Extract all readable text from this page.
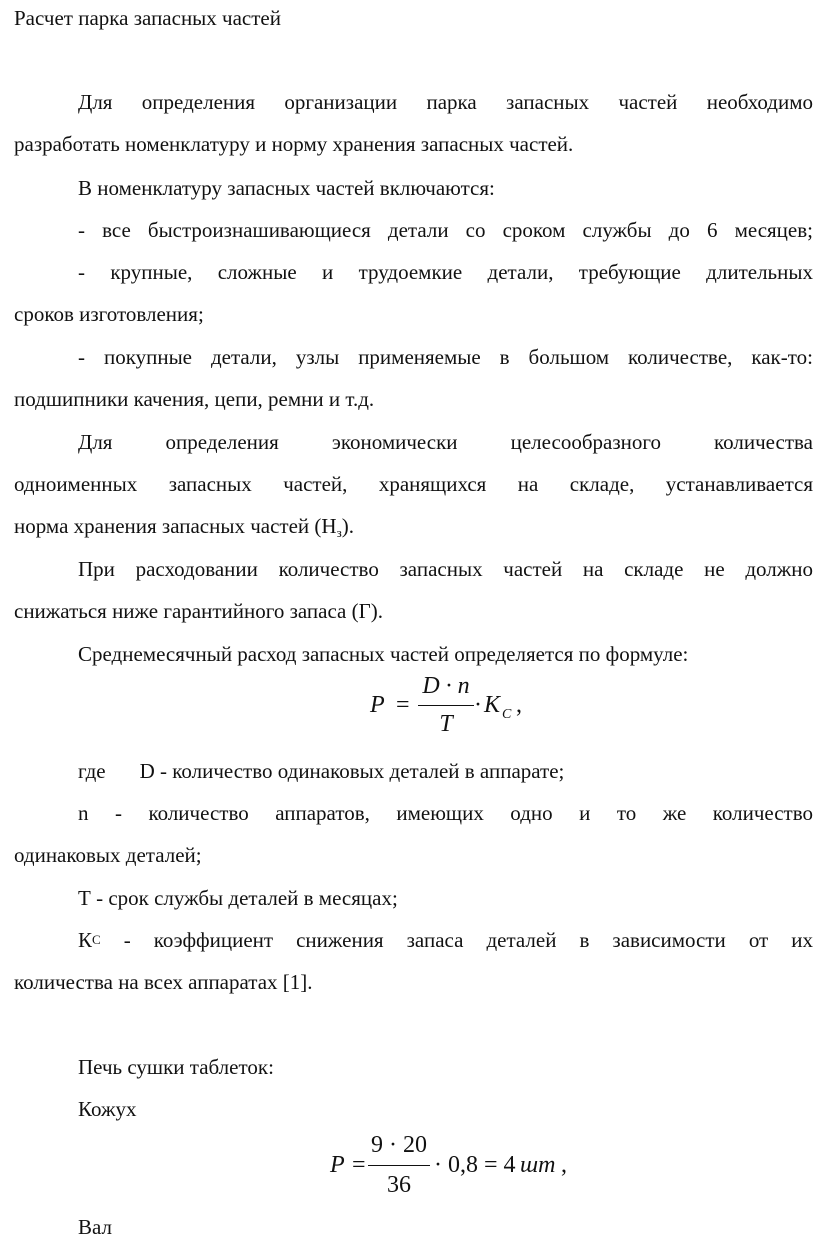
Расчет парка запасных частей
Для определения организации парка запасных частей необходимо
разработать номенклатуру и норму хранения запасных частей.
В номенклатуру запасных частей включаются:
- все быстроизнашивающиеся детали со сроком службы до 6 месяцев;
- крупные, сложные и трудоемкие детали, требующие длительных
сроков изготовления;
- покупные детали, узлы применяемые в большом количестве, как-то:
подшипники качения, цепи, ремни и т.д.
Для определения экономически целесообразного количества
одноименных запасных частей, хранящихся на складе, устанавливается
норма хранения запасных частей $(Н_з)$.
При расходовании количество запасных частей на складе не должно
снижаться ниже гарантийного запаса (Г).
Среднемесячный расход запасных частей определяется по формуле:
P =
D · n
T
· K C ,
где D - количество одинаковых деталей в аппарате;
n - количество аппаратов, имеющих одно и то же количество
одинаковых деталей;
Т - срок службы деталей в месяцах;
К С - коэффициент снижения запаса деталей в зависимости от их
количества на всех аппаратах [1].
Печь сушки таблеток:
Кожух
P =
9 · 20
36
· 0,8 = 4 шт ,
Вал
